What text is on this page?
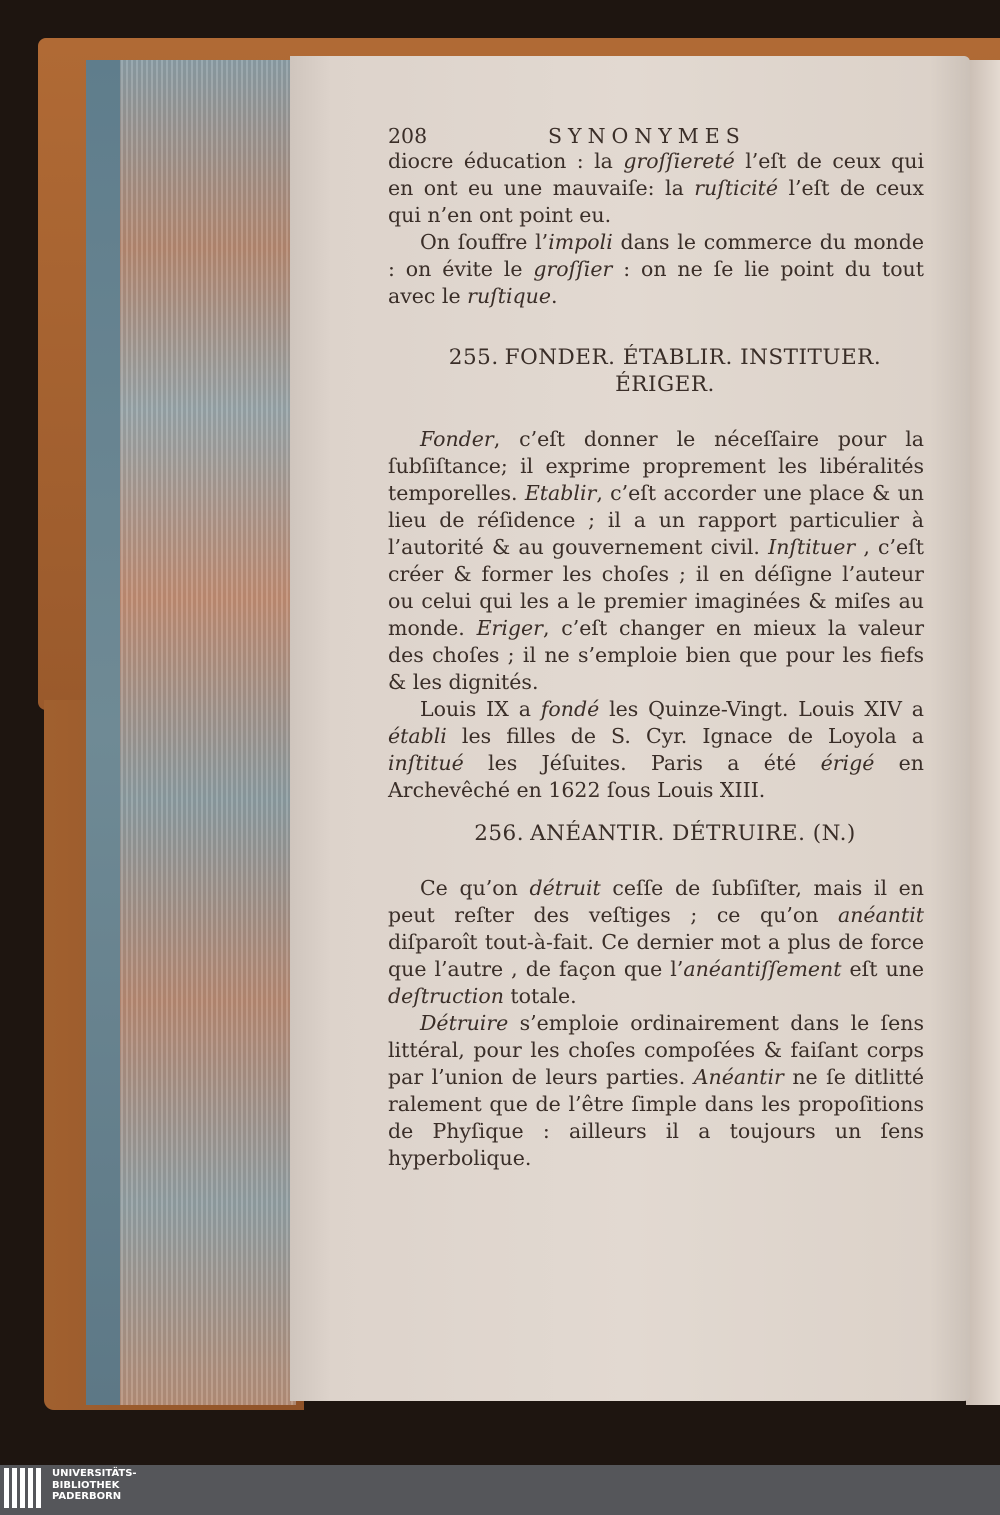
208	SYNONYMES

diocre éducation : la groſſiereté l’eſt de ceux qui en ont eu une mauvaiſe: la ruſticité l’eſt de ceux qui n’en ont point eu.

On ſouffre l’impoli dans le commerce du monde : on évite le groſſier : on ne ſe lie point du tout avec le ruſtique.

255. FONDER. ÉTABLIR. INSTITUER. ÉRIGER.

Fonder, c’eſt donner le néceſſaire pour la ſubſiſtance; il exprime proprement les libéralités temporelles. Etablir, c’eſt accorder une place & un lieu de réſidence ; il a un rapport particulier à l’autorité & au gouvernement civil. Inſtituer , c’eſt créer & former les choſes ; il en déſigne l’auteur ou celui qui les a le premier imaginées & miſes au monde. Eriger, c’eſt changer en mieux la valeur des choſes ; il ne s’emploie bien que pour les fiefs & les dignités.

Louis IX a fondé les Quinze-Vingt. Louis XIV a établi les filles de S. Cyr. Ignace de Loyola a inſtitué les Jéſuites. Paris a été érigé en Archevêché en 1622 ſous Louis XIII.

256. ANÉANTIR. DÉTRUIRE. (N.)

Ce qu’on détruit ceſſe de ſubſiſter, mais il en peut reſter des veſtiges ; ce qu’on anéantit diſparoît tout-à-fait. Ce dernier mot a plus de force que l’autre , de façon que l’anéantiſſement eſt une deſtruction totale.

Détruire s’emploie ordinairement dans le ſens littéral, pour les choſes compoſées & faiſant corps par l’union de leurs parties. Anéantir ne ſe ditlitté ralement que de l’être ſimple dans les propoſitions de Phyſique : ailleurs il a toujours un ſens hyperbolique.

UNIVERSITÄTS-
BIBLIOTHEK
PADERBORN
